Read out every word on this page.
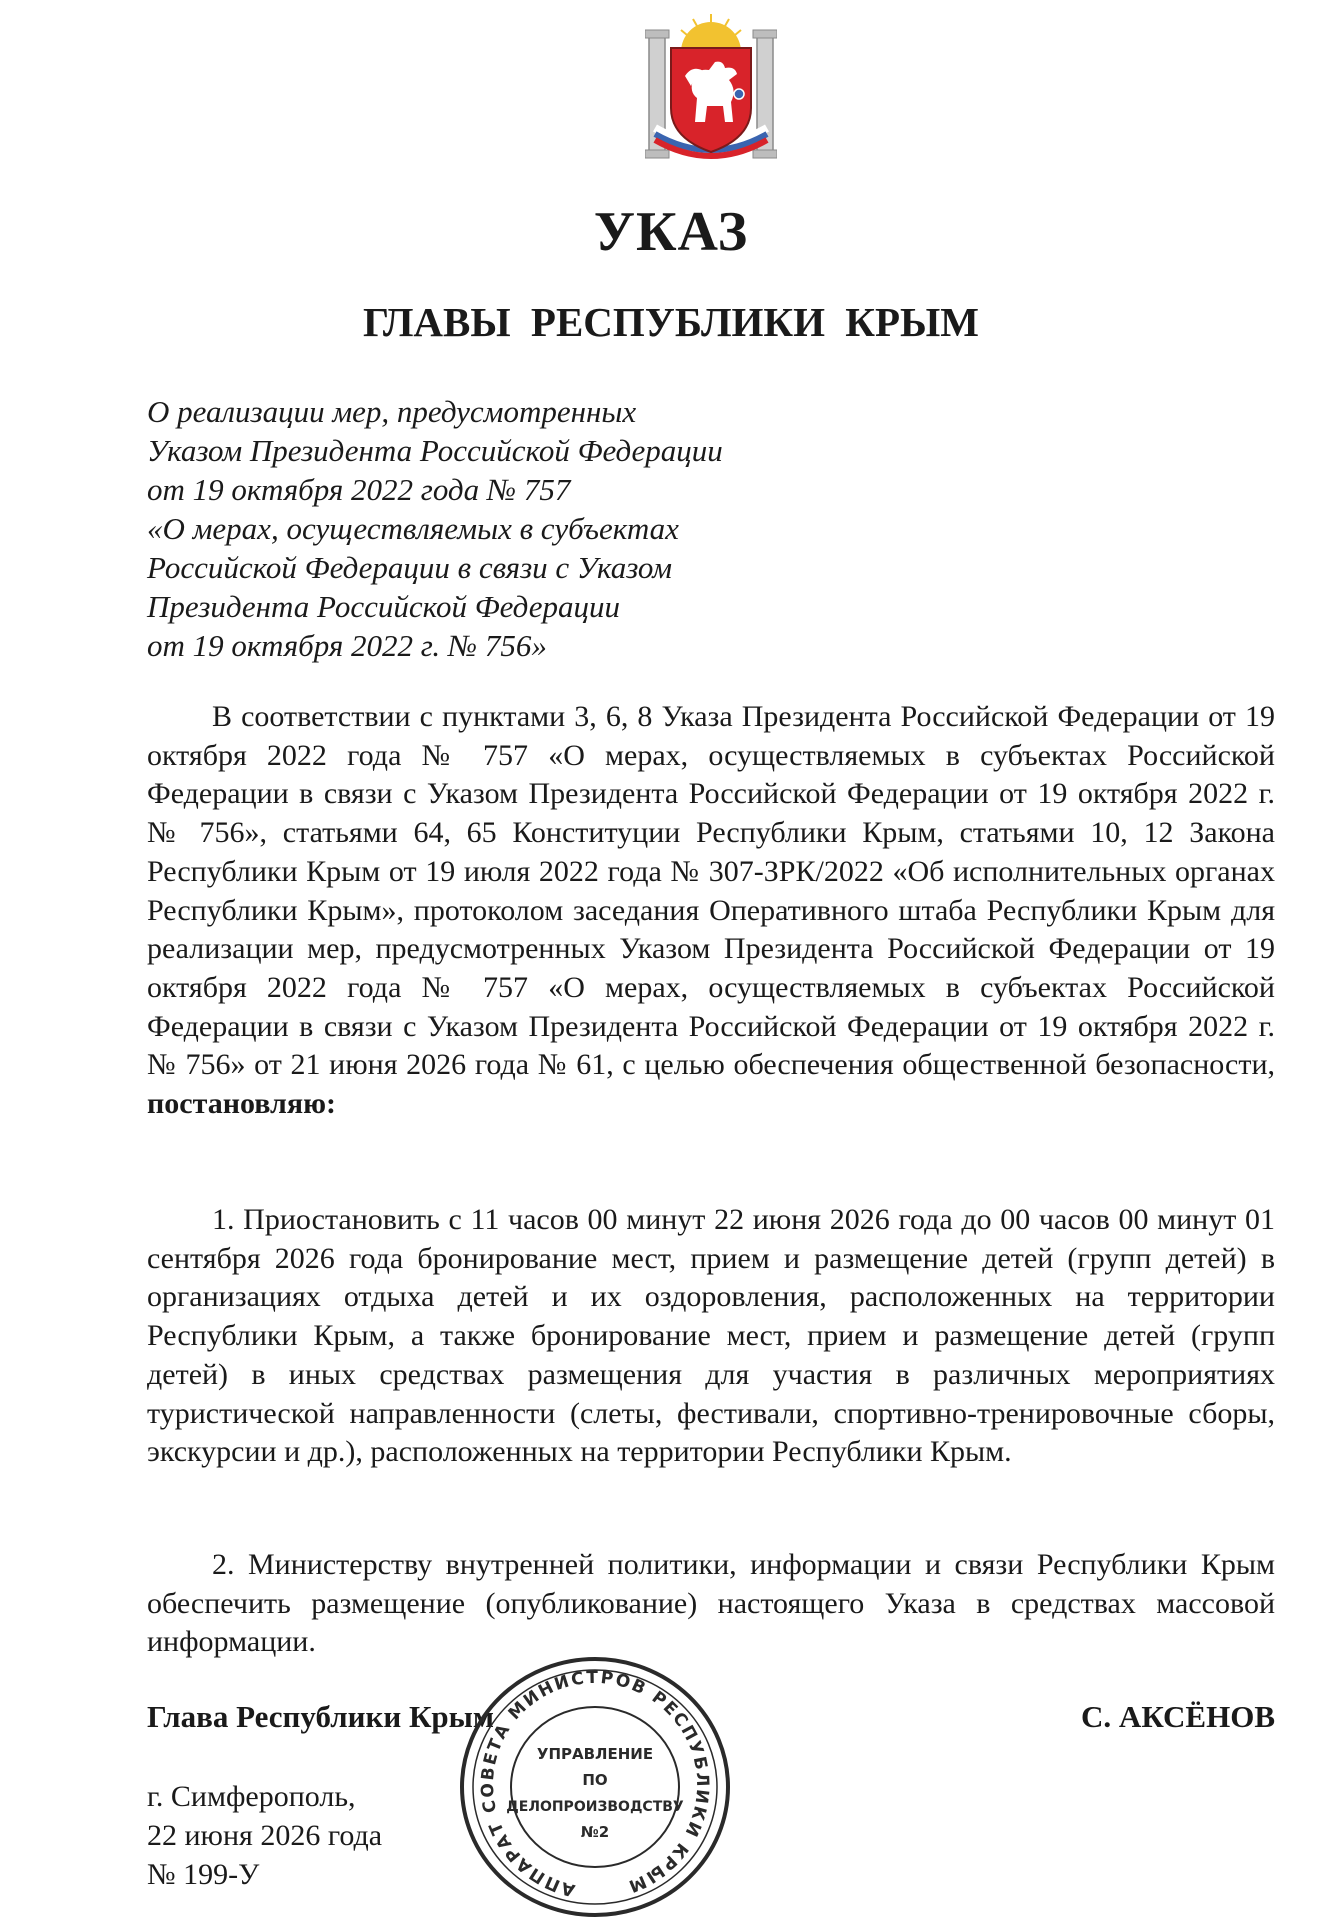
УКАЗ
ГЛАВЫ РЕСПУБЛИКИ КРЫМ
О реализации мер, предусмотренных
Указом Президента Российской Федерации
от 19 октября 2022 года № 757
«О мерах, осуществляемых в субъектах
Российской Федерации в связи с Указом
Президента Российской Федерации
от 19 октября 2022 г. № 756»

В соответствии с пунктами 3, 6, 8 Указа Президента Российской Федерации от 19 октября 2022 года № 757 «О мерах, осуществляемых в субъектах Российской Федерации в связи с Указом Президента Российской Федерации от 19 октября 2022 г. № 756», статьями 64, 65 Конституции Республики Крым, статьями 10, 12 Закона Республики Крым от 19 июля 2022 года № 307-ЗРК/2022 «Об исполнительных органах Республики Крым», протоколом заседания Оперативного штаба Республики Крым для реализации мер, предусмотренных Указом Президента Российской Федерации от 19 октября 2022 года № 757 «О мерах, осуществляемых в субъектах Российской Федерации в связи с Указом Президента Российской Федерации от 19 октября 2022 г. № 756» от 21 июня 2026 года № 61, с целью обеспечения общественной безопасности, постановляю:

1. Приостановить с 11 часов 00 минут 22 июня 2026 года до 00 часов 00 минут 01 сентября 2026 года бронирование мест, прием и размещение детей (групп детей) в организациях отдыха детей и их оздоровления, расположенных на территории Республики Крым, а также бронирование мест, прием и размещение детей (групп детей) в иных средствах размещения для участия в различных мероприятиях туристической направленности (слеты, фестивали, спортивно-тренировочные сборы, экскурсии и др.), расположенных на территории Республики Крым.

2. Министерству внутренней политики, информации и связи Республики Крым обеспечить размещение (опубликование) настоящего Указа в средствах массовой информации.

Глава Республики Крым	С. АКСЁНОВ
г. Симферополь,
22 июня 2026 года
№ 199-У	АППАРАТ СОВЕТА МИНИСТРОВ РЕСПУБЛИКИ КРЫМ
УПРАВЛЕНИЕ
ПО
ДЕЛОПРОИЗВОДСТВУ
№2
